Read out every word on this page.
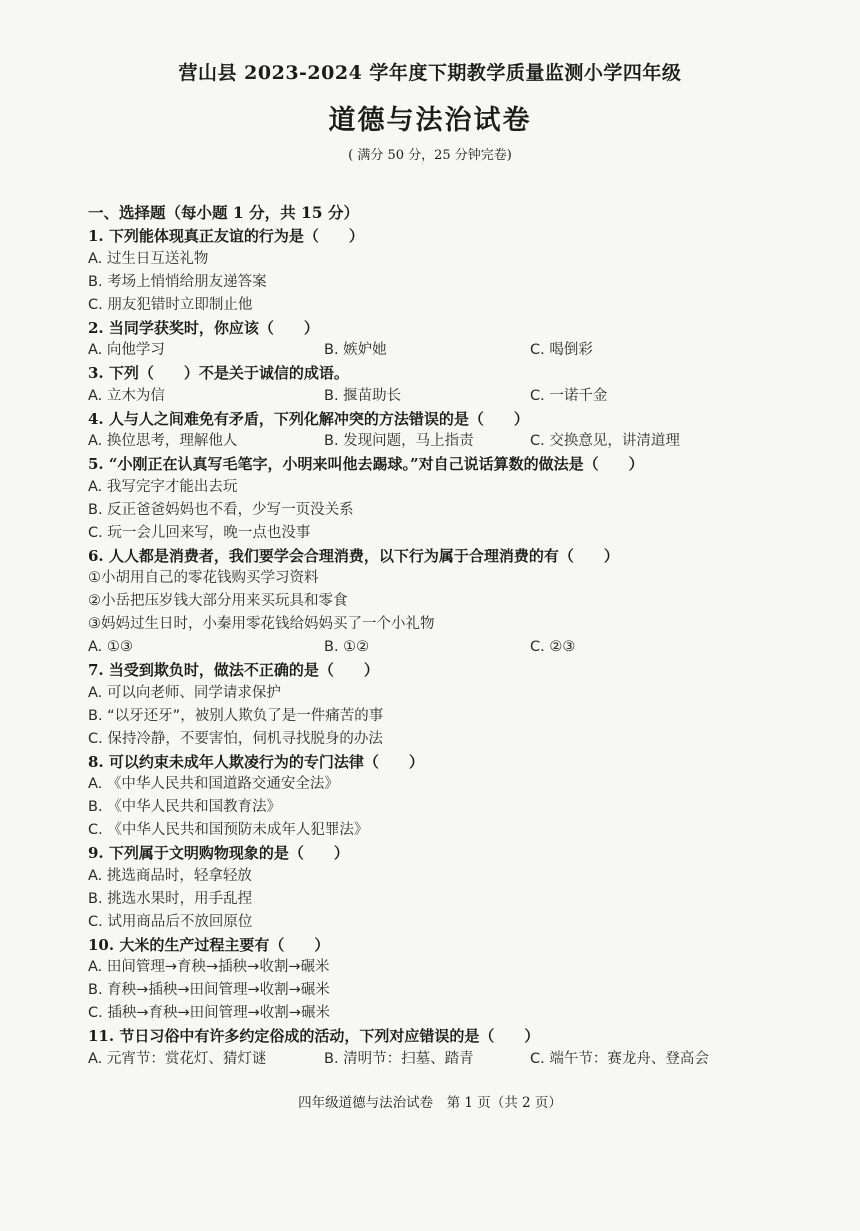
营山县 2023-2024 学年度下期教学质量监测小学四年级
道德与法治试卷
( 满分 50 分，25 分钟完卷)
一、选择题（每小题 1 分，共 15 分）
1. 下列能体现真正友谊的行为是（　　）
A. 过生日互送礼物
B. 考场上悄悄给朋友递答案
C. 朋友犯错时立即制止他
2. 当同学获奖时，你应该（　　）
A. 向他学习	B. 嫉妒她	C. 喝倒彩
3. 下列（　　）不是关于诚信的成语。
A. 立木为信	B. 揠苗助长	C. 一诺千金
4. 人与人之间难免有矛盾，下列化解冲突的方法错误的是（　　）
A. 换位思考，理解他人	B. 发现问题，马上指责	C. 交换意见，讲清道理
5. “小刚正在认真写毛笔字，小明来叫他去踢球。”对自己说话算数的做法是（　　）
A. 我写完字才能出去玩
B. 反正爸爸妈妈也不看，少写一页没关系
C. 玩一会儿回来写，晚一点也没事
6. 人人都是消费者，我们要学会合理消费，以下行为属于合理消费的有（　　）
①小胡用自己的零花钱购买学习资料
②小岳把压岁钱大部分用来买玩具和零食
③妈妈过生日时，小秦用零花钱给妈妈买了一个小礼物
A. ①③	B. ①②	C. ②③
7. 当受到欺负时，做法不正确的是（　　）
A. 可以向老师、同学请求保护
B. “以牙还牙”，被别人欺负了是一件痛苦的事
C. 保持冷静，不要害怕，伺机寻找脱身的办法
8. 可以约束未成年人欺凌行为的专门法律（　　）
A. 《中华人民共和国道路交通安全法》
B. 《中华人民共和国教育法》
C. 《中华人民共和国预防未成年人犯罪法》
9. 下列属于文明购物现象的是（　　）
A. 挑选商品时，轻拿轻放
B. 挑选水果时，用手乱捏
C. 试用商品后不放回原位
10. 大米的生产过程主要有（　　）
A. 田间管理→育秧→插秧→收割→碾米
B. 育秧→插秧→田间管理→收割→碾米
C. 插秧→育秧→田间管理→收割→碾米
11. 节日习俗中有许多约定俗成的活动，下列对应错误的是（　　）
A. 元宵节：赏花灯、猜灯谜	B. 清明节：扫墓、踏青	C. 端午节：赛龙舟、登高会
四年级道德与法治试卷　第 1 页（共 2 页）
